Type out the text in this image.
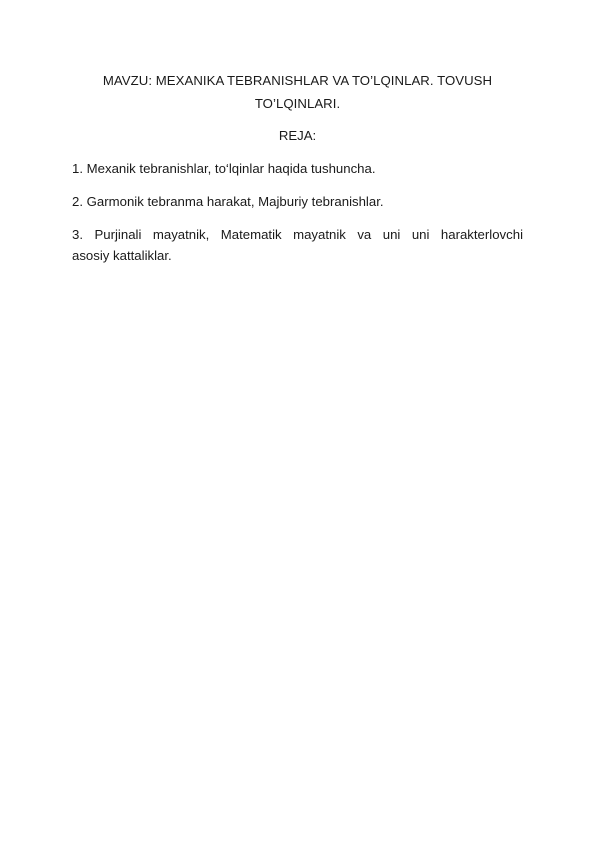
MAVZU: MEXANIKA TEBRANISHLAR VA TO’LQINLAR. TOVUSH
TO’LQINLARI.

REJA:

1. Mexanik tebranishlar, to‘lqinlar haqida tushuncha.
2. Garmonik tebranma harakat, Majburiy tebranishlar.
3. Purjinali mayatnik, Matematik mayatnik va uni uni harakterlovchi
asosiy kattaliklar.
